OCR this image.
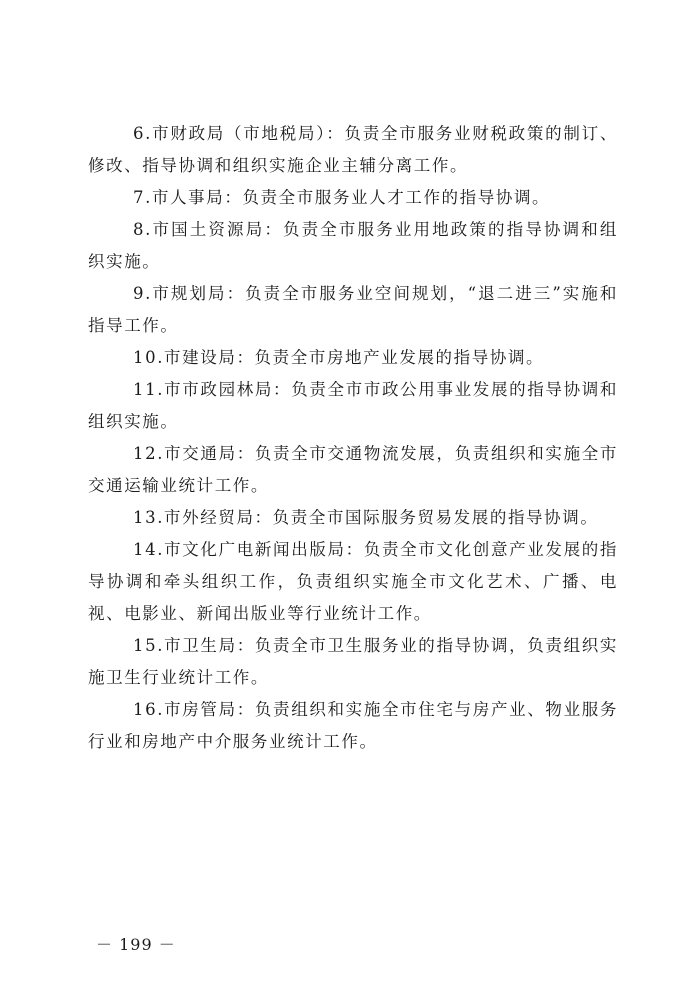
6.市财政局（市地税局）：负责全市服务业财税政策的制订、修改、指导协调和组织实施企业主辅分离工作。

7.市人事局：负责全市服务业人才工作的指导协调。

8.市国土资源局：负责全市服务业用地政策的指导协调和组织实施。

9.市规划局：负责全市服务业空间规划，“退二进三”实施和指导工作。

10.市建设局：负责全市房地产业发展的指导协调。

11.市市政园林局：负责全市市政公用事业发展的指导协调和组织实施。

12.市交通局：负责全市交通物流发展，负责组织和实施全市交通运输业统计工作。

13.市外经贸局：负责全市国际服务贸易发展的指导协调。

14.市文化广电新闻出版局：负责全市文化创意产业发展的指导协调和牵头组织工作，负责组织实施全市文化艺术、广播、电视、电影业、新闻出版业等行业统计工作。

15.市卫生局：负责全市卫生服务业的指导协调，负责组织实施卫生行业统计工作。

16.市房管局：负责组织和实施全市住宅与房产业、物业服务行业和房地产中介服务业统计工作。

－ 199 －
